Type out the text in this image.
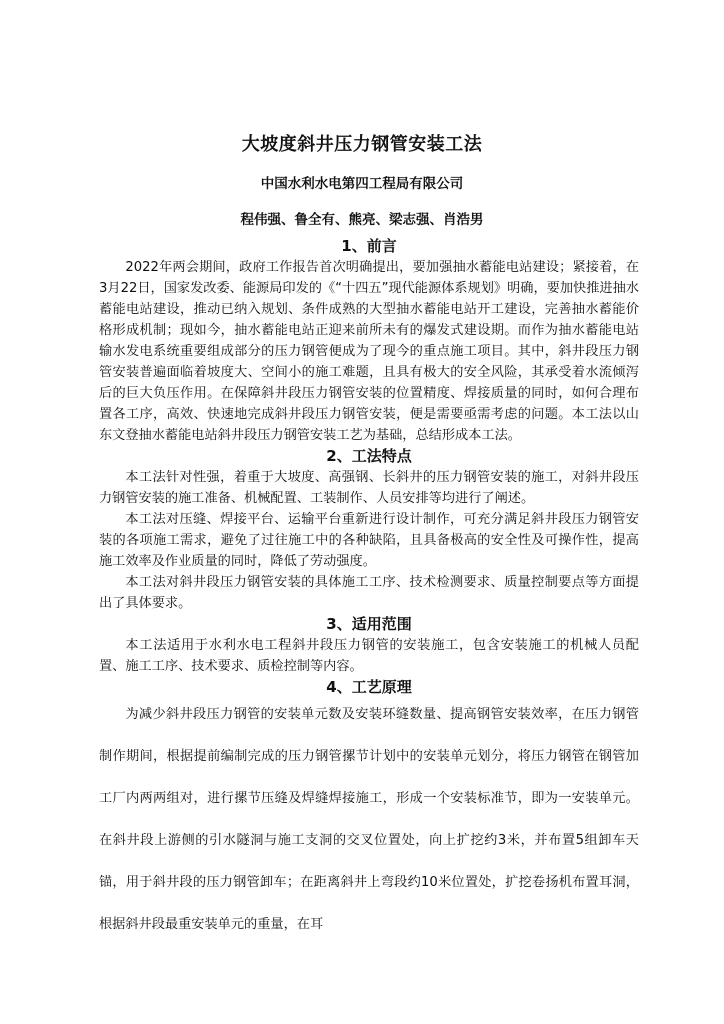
大坡度斜井压力钢管安装工法
中国水利水电第四工程局有限公司
程伟强、鲁全有、熊亮、梁志强、肖浩男
1、前言

2022年两会期间，政府工作报告首次明确提出，要加强抽水蓄能电站建设；紧接着，在3月22日，国家发改委、能源局印发的《“十四五”现代能源体系规划》明确，要加快推进抽水蓄能电站建设，推动已纳入规划、条件成熟的大型抽水蓄能电站开工建设，完善抽水蓄能价格形成机制；现如今，抽水蓄能电站正迎来前所未有的爆发式建设期。而作为抽水蓄能电站输水发电系统重要组成部分的压力钢管便成为了现今的重点施工项目。其中，斜井段压力钢管安装普遍面临着坡度大、空间小的施工难题，且具有极大的安全风险，其承受着水流倾泻后的巨大负压作用。在保障斜井段压力钢管安装的位置精度、焊接质量的同时，如何合理布置各工序，高效、快速地完成斜井段压力钢管安装，便是需要亟需考虑的问题。本工法以山东文登抽水蓄能电站斜井段压力钢管安装工艺为基础，总结形成本工法。

2、工法特点

本工法针对性强，着重于大坡度、高强钢、长斜井的压力钢管安装的施工，对斜井段压力钢管安装的施工准备、机械配置、工装制作、人员安排等均进行了阐述。

本工法对压缝、焊接平台、运输平台重新进行设计制作，可充分满足斜井段压力钢管安装的各项施工需求，避免了过往施工中的各种缺陷，且具备极高的安全性及可操作性，提高施工效率及作业质量的同时，降低了劳动强度。

本工法对斜井段压力钢管安装的具体施工工序、技术检测要求、质量控制要点等方面提出了具体要求。

3、适用范围

本工法适用于水利水电工程斜井段压力钢管的安装施工，包含安装施工的机械人员配置、施工工序、技术要求、质检控制等内容。

4、工艺原理

为减少斜井段压力钢管的安装单元数及安装环缝数量、提高钢管安装效率，在压力钢管制作期间，根据提前编制完成的压力钢管摞节计划中的安装单元划分，将压力钢管在钢管加工厂内两两组对，进行摞节压缝及焊缝焊接施工，形成一个安装标准节，即为一安装单元。在斜井段上游侧的引水隧洞与施工支洞的交叉位置处，向上扩挖约3米，并布置5组卸车天锚，用于斜井段的压力钢管卸车；在距离斜井上弯段约10米位置处，扩挖卷扬机布置耳洞，根据斜井段最重安装单元的重量，在耳
